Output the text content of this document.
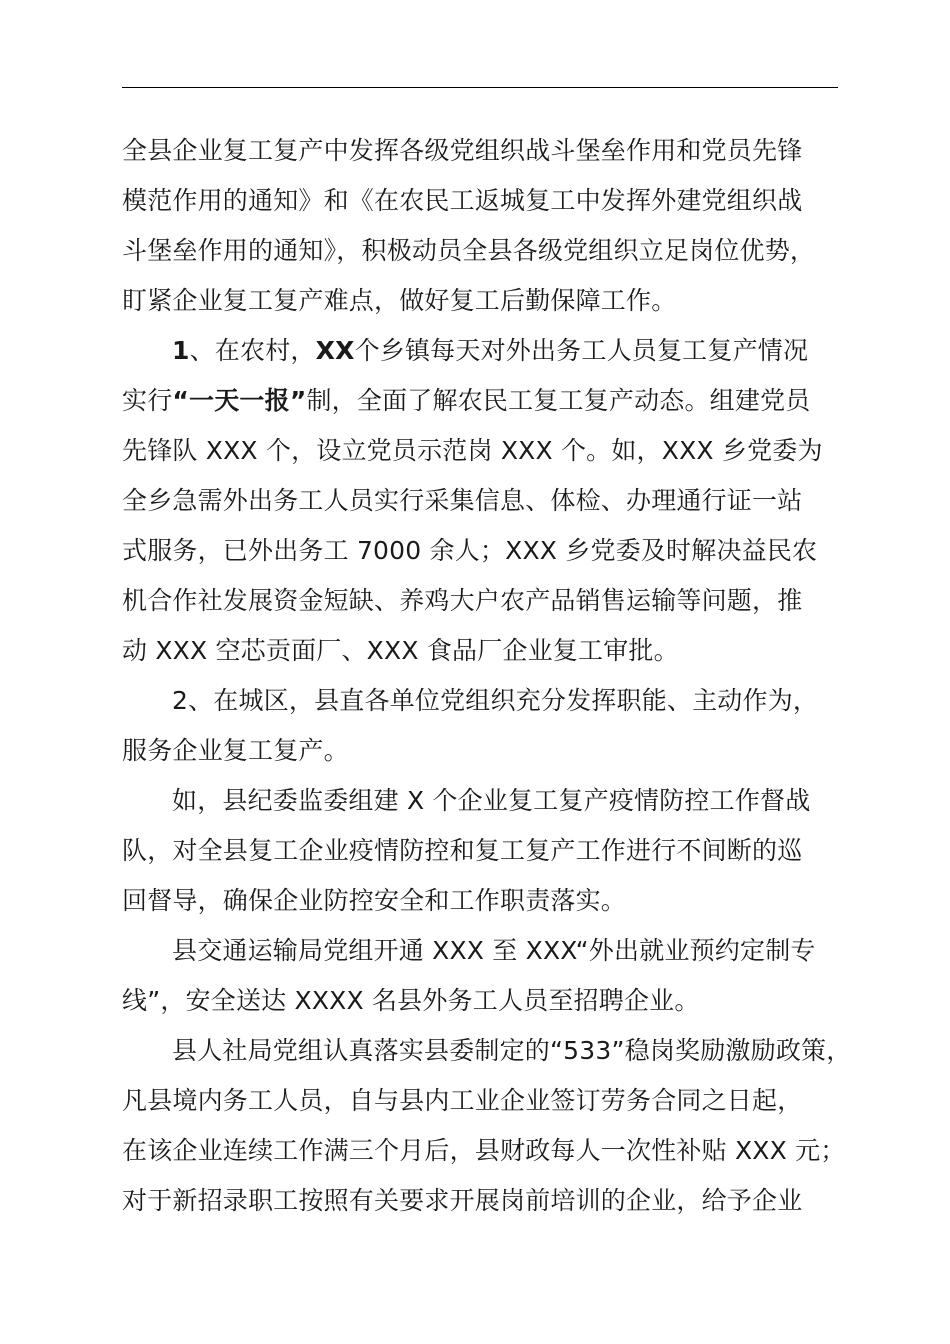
全县企业复工复产中发挥各级党组织战斗堡垒作用和党员先锋
模范作用的通知》和《在农民工返城复工中发挥外建党组织战
斗堡垒作用的通知》，积极动员全县各级党组织立足岗位优势，
盯紧企业复工复产难点，做好复工后勤保障工作。
1、在农村，XX个乡镇每天对外出务工人员复工复产情况
实行“一天一报”制，全面了解农民工复工复产动态。组建党员
先锋队 XXX 个，设立党员示范岗 XXX 个。如，XXX 乡党委为
全乡急需外出务工人员实行采集信息、体检、办理通行证一站
式服务，已外出务工 7000 余人；XXX 乡党委及时解决益民农
机合作社发展资金短缺、养鸡大户农产品销售运输等问题，推
动 XXX 空芯贡面厂、XXX 食品厂企业复工审批。
2、在城区，县直各单位党组织充分发挥职能、主动作为，
服务企业复工复产。
如，县纪委监委组建 X 个企业复工复产疫情防控工作督战
队，对全县复工企业疫情防控和复工复产工作进行不间断的巡
回督导，确保企业防控安全和工作职责落实。
县交通运输局党组开通 XXX 至 XXX“外出就业预约定制专
线”，安全送达 XXXX 名县外务工人员至招聘企业。
县人社局党组认真落实县委制定的“533”稳岗奖励激励政策，
凡县境内务工人员，自与县内工业企业签订劳务合同之日起，
在该企业连续工作满三个月后，县财政每人一次性补贴 XXX 元；
对于新招录职工按照有关要求开展岗前培训的企业，给予企业
